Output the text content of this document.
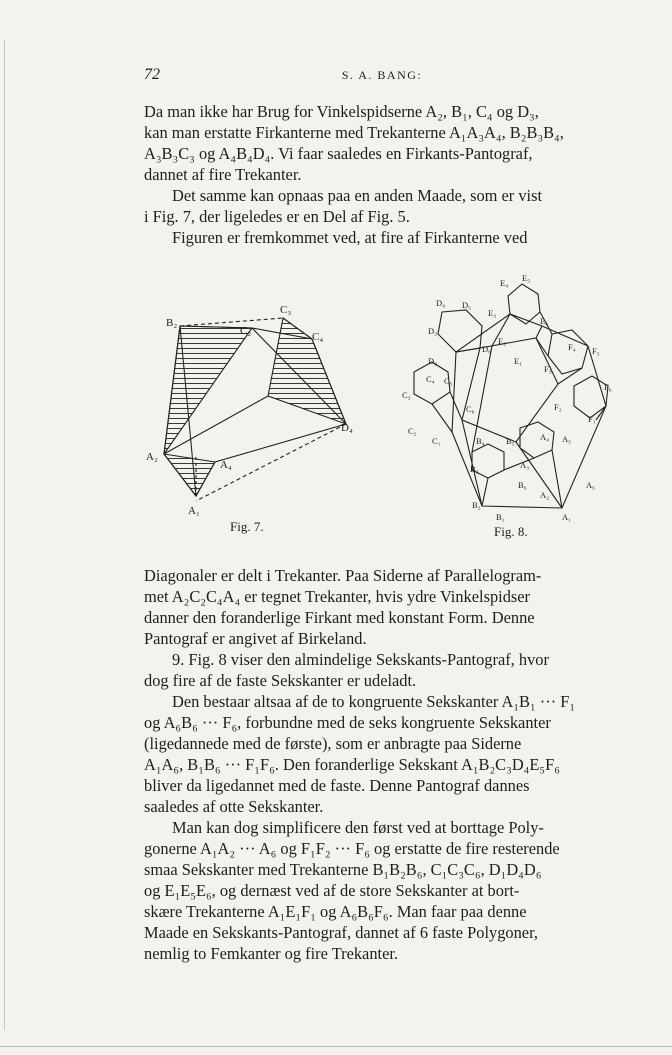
72	S. A. BANG:

Da man ikke har Brug for Vinkelspidserne A₂, B₁, C₄ og D₃,
kan man erstatte Firkanterne med Trekanterne A₁A₃A₄, B₂B₃B₄,
A₃B₃C₃ og A₄B₄D₄. Vi faar saaledes en Firkants-Pantograf,
dannet af fire Trekanter.

Det samme kan opnaas paa en anden Maade, som er vist
i Fig. 7, der ligeledes er en Del af Fig. 5.

Figuren er fremkommet ved, at fire af Firkanterne ved

B₂
C₃
C₂	C₄
D₄
A₂
A₄
A₁
Fig. 7.
E₄ E₅
D₄ D₅
E₃
D₃
E₆
D₂
D₆
E₂
E₁
F₄ F₅
C₄ C₅
F₃
F₆
C₃
C₆	F₂
F₁
C₂
C₁	B₄	B₅	A₄ A₅
B₃	A₃
A₆
B₆
A₂
B₂
B₁	A₁
Fig. 8.

Diagonaler er delt i Trekanter. Paa Siderne af Parallelogram-
met A₂C₂C₄A₄ er tegnet Trekanter, hvis ydre Vinkelspidser
danner den foranderlige Firkant med konstant Form. Denne
Pantograf er angivet af Birkeland.

9. Fig. 8 viser den almindelige Sekskants-Pantograf, hvor
dog fire af de faste Sekskanter er udeladt.

Den bestaar altsaa af de to kongruente Sekskanter A₁B₁ ··· F₁
og A₆B₆ ··· F₆, forbundne med de seks kongruente Sekskanter
(ligedannede med de første), som er anbragte paa Siderne
A₁A₆, B₁B₆ ··· F₁F₆. Den foranderlige Sekskant A₁B₂C₃D₄E₅F₆
bliver da ligedannet med de faste. Denne Pantograf dannes
saaledes af otte Sekskanter.

Man kan dog simplificere den først ved at borttage Poly-
gonerne A₁A₂ ··· A₆ og F₁F₂ ··· F₆ og erstatte de fire resterende
smaa Sekskanter med Trekanterne B₁B₂B₆, C₁C₃C₆, D₁D₄D₆
og E₁E₅E₆, og dernæst ved af de store Sekskanter at bort-
skære Trekanterne A₁E₁F₁ og A₆B₆F₆. Man faar paa denne
Maade en Sekskants-Pantograf, dannet af 6 faste Polygoner,
nemlig to Femkanter og fire Trekanter.
